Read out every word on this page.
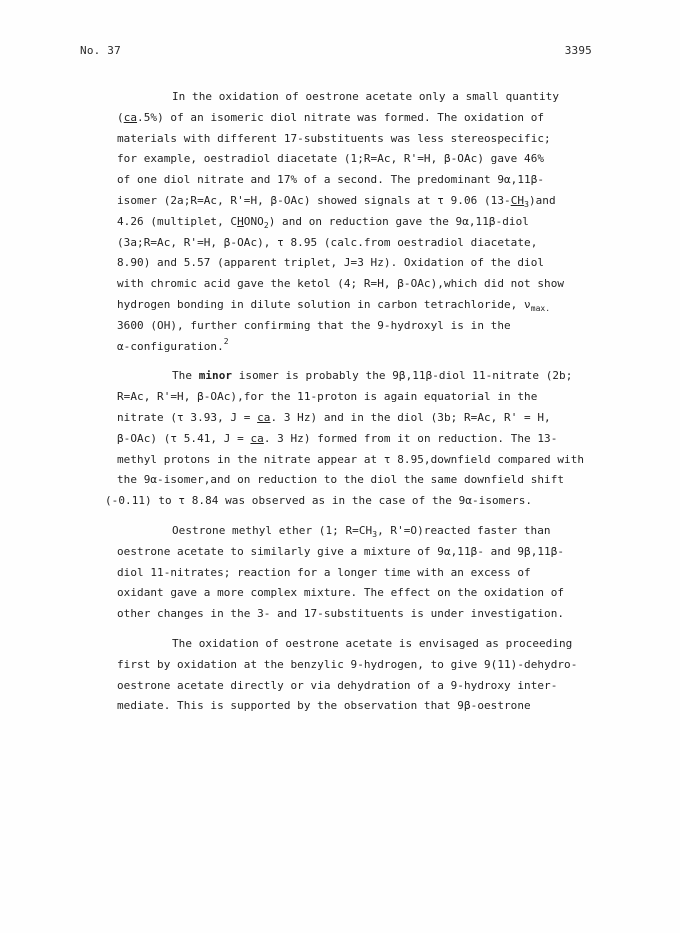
No. 37	3395
In the oxidation of oestrone acetate only a small quantity
(ca.5%) of an isomeric diol nitrate was formed. The oxidation of
materials with different 17-substituents was less stereospecific;
for example, oestradiol diacetate (1;R=Ac, R'=H, β-OAc) gave 46%
of one diol nitrate and 17% of a second. The predominant 9α,11β-
isomer (2a;R=Ac, R'=H, β-OAc) showed signals at τ 9.06 $(13-CH_3)and$
4.26 (multiplet, $CHONO_2$) and on reduction gave the 9α,11β-diol
(3a;R=Ac, R'=H, β-OAc), τ 8.95 (calc.from oestradiol diacetate,
8.90) and 5.57 (apparent triplet, J=3 Hz). Oxidation of the diol
with chromic acid gave the ketol (4; R=H, β-OAc),which did not show
hydrogen bonding in dilute solution in carbon tetrachloride, $\nu_{max.}$
3600 (OH), further confirming that the 9-hydroxyl is in the
α-configuration.$^2$
The minor isomer is probably the 9β,11β-diol 11-nitrate (2b;
R=Ac, R'=H, β-OAc),for the 11-proton is again equatorial in the
nitrate (τ 3.93, J = ca. 3 Hz) and in the diol (3b; R=Ac, R' = H,
β-OAc) (τ 5.41, J = ca. 3 Hz) formed from it on reduction. The 13-
methyl protons in the nitrate appear at τ 8.95,downfield compared with
the 9α-isomer,and on reduction to the diol the same downfield shift
(-0.11) to τ 8.84 was observed as in the case of the 9α-isomers.
Oestrone methyl ether (1; $R=CH_3$, R'=O)reacted faster than
oestrone acetate to similarly give a mixture of 9α,11β- and 9β,11β-
diol 11-nitrates; reaction for a longer time with an excess of
oxidant gave a more complex mixture. The effect on the oxidation of
other changes in the 3- and 17-substituents is under investigation.
The oxidation of oestrone acetate is envisaged as proceeding
first by oxidation at the benzylic 9-hydrogen, to give 9(11)-dehydro-
oestrone acetate directly or via dehydration of a 9-hydroxy inter-
mediate. This is supported by the observation that 9β-oestrone
